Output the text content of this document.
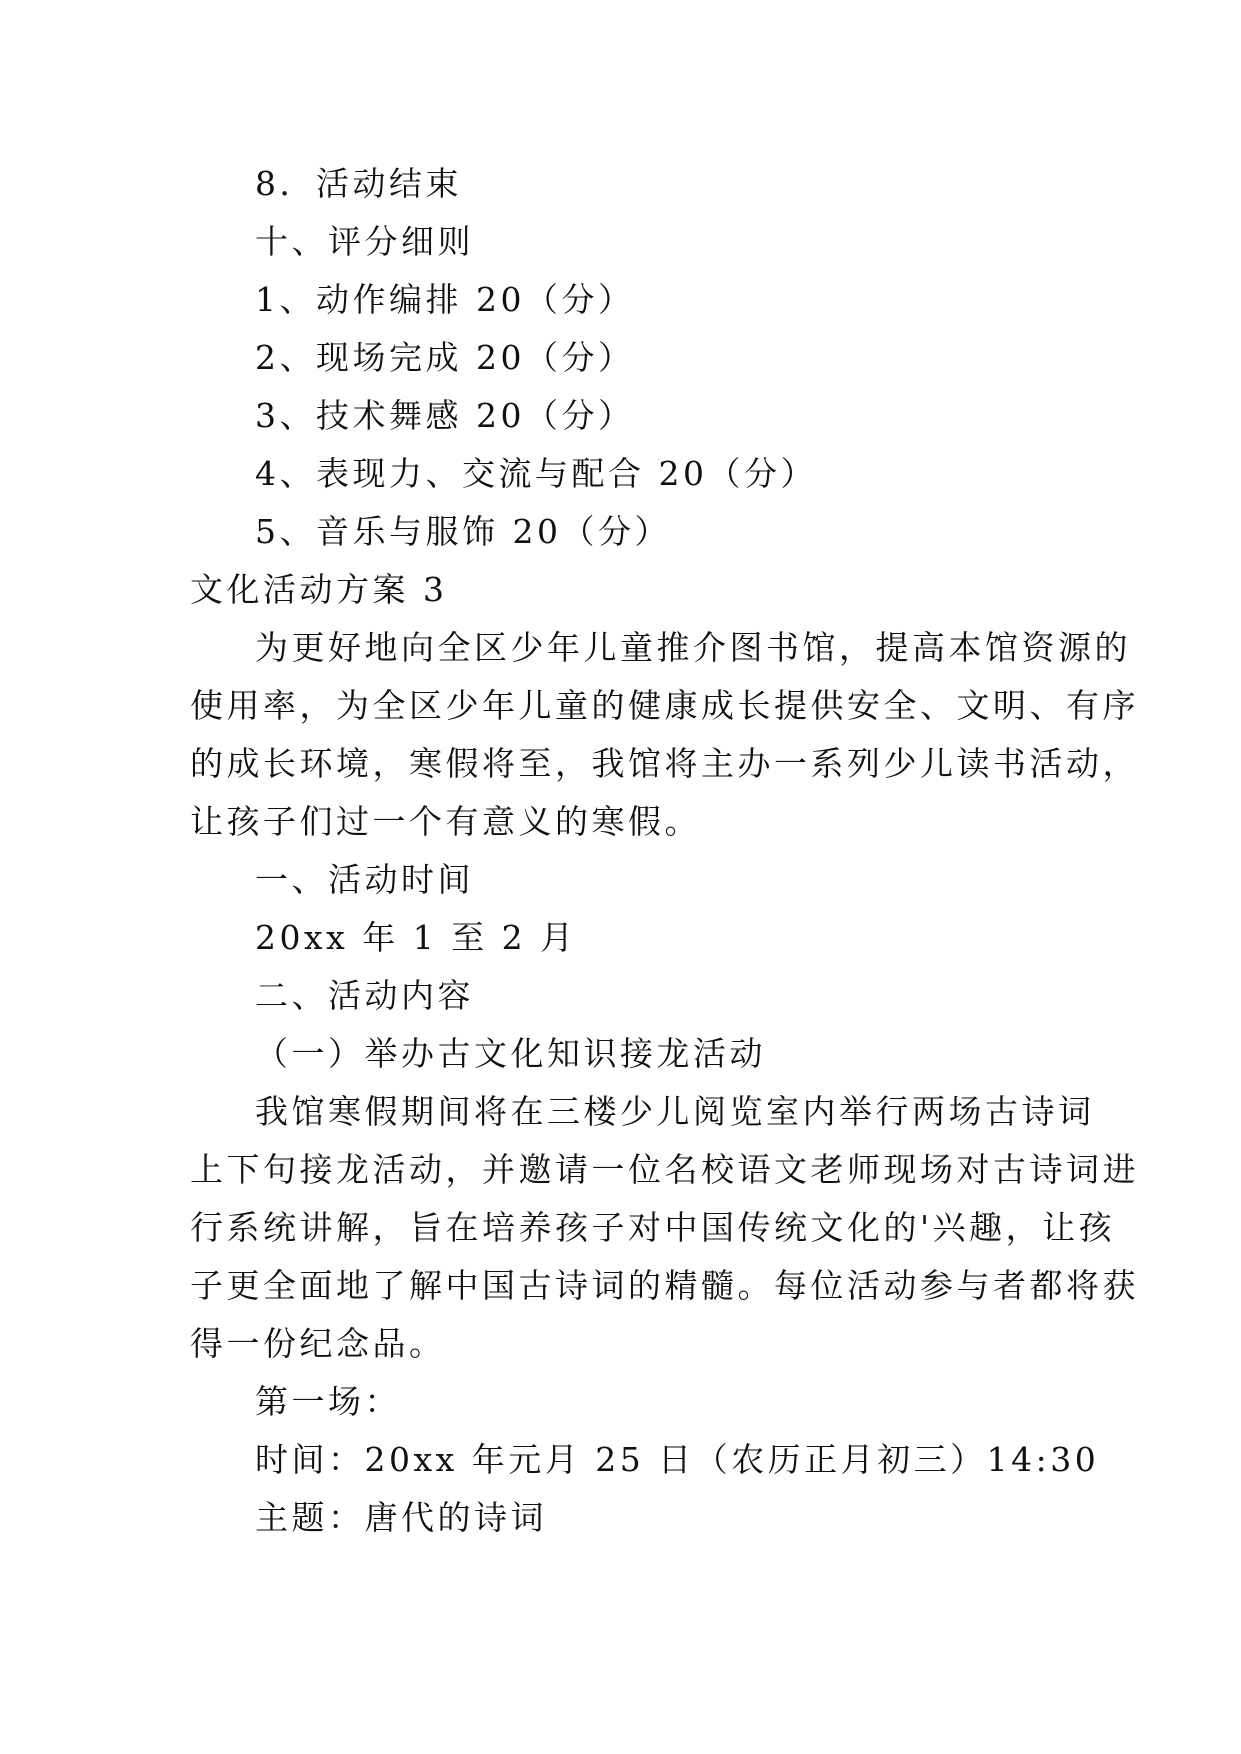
8．活动结束
十、评分细则
1、动作编排 20（分）
2、现场完成 20（分）
3、技术舞感 20（分）
4、表现力、交流与配合 20（分）
5、音乐与服饰 20（分）
文化活动方案 3
为更好地向全区少年儿童推介图书馆，提高本馆资源的
使用率，为全区少年儿童的健康成长提供安全、文明、有序
的成长环境，寒假将至，我馆将主办一系列少儿读书活动，
让孩子们过一个有意义的寒假。
一、活动时间
20xx 年 1 至 2 月
二、活动内容
（一）举办古文化知识接龙活动
我馆寒假期间将在三楼少儿阅览室内举行两场古诗词
上下句接龙活动，并邀请一位名校语文老师现场对古诗词进
行系统讲解，旨在培养孩子对中国传统文化的'兴趣，让孩
子更全面地了解中国古诗词的精髓。每位活动参与者都将获
得一份纪念品。
第一场：
时间：20xx 年元月 25 日（农历正月初三）14:30
主题：唐代的诗词
